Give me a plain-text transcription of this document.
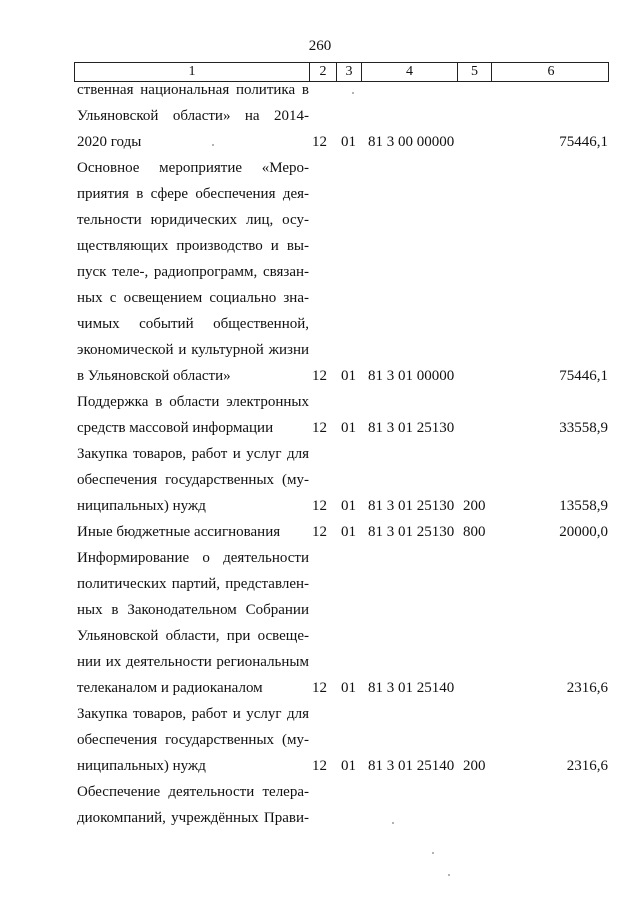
260
1	2	3	4	5	6
ственная национальная политика в
Ульяновской области» на 2014-
2020 годы	12 01 81 3 00 00000	75446,1
Основное мероприятие «Меро-
приятия в сфере обеспечения дея-
тельности юридических лиц, осу-
ществляющих производство и вы-
пуск теле-, радиопрограмм, связан-
ных с освещением социально зна-
чимых событий общественной,
экономической и культурной жизни
в Ульяновской области»	12 01 81 3 01 00000	75446,1
Поддержка в области электронных
средств массовой информации	12 01 81 3 01 25130	33558,9
Закупка товаров, работ и услуг для
обеспечения государственных (му-
ниципальных) нужд	12 01 81 3 01 25130 200	13558,9
Иные бюджетные ассигнования	12 01 81 3 01 25130 800	20000,0
Информирование о деятельности
политических партий, представлен-
ных в Законодательном Собрании
Ульяновской области, при освеще-
нии их деятельности региональным
телеканалом и радиоканалом	12 01 81 3 01 25140	2316,6
Закупка товаров, работ и услуг для
обеспечения государственных (му-
ниципальных) нужд	12 01 81 3 01 25140 200	2316,6
Обеспечение деятельности телера-
диокомпаний, учреждённых Прави-
